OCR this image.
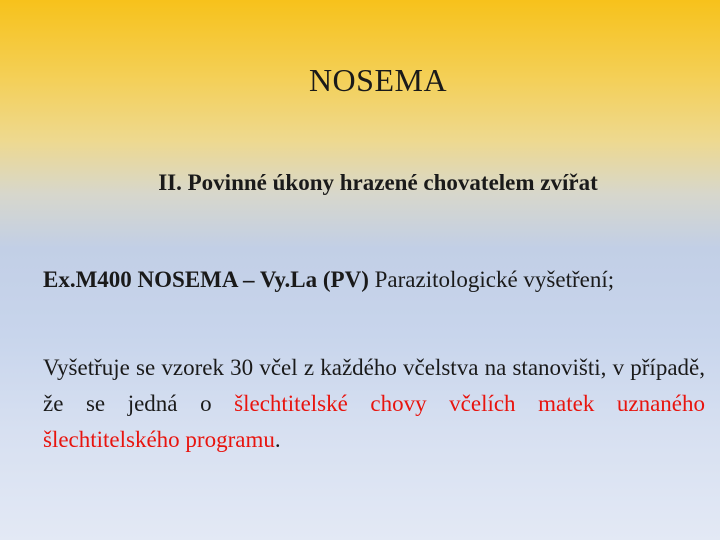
NOSEMA
II. Povinné úkony hrazené chovatelem zvířat
Ex.M400 NOSEMA – Vy.La (PV) Parazitologické vyšetření;
Vyšetřuje se vzorek 30 včel z každého včelstva na stanovišti, v případě, že se jedná o šlechtitelské chovy včelích matek uznaného šlechtitelského programu.
